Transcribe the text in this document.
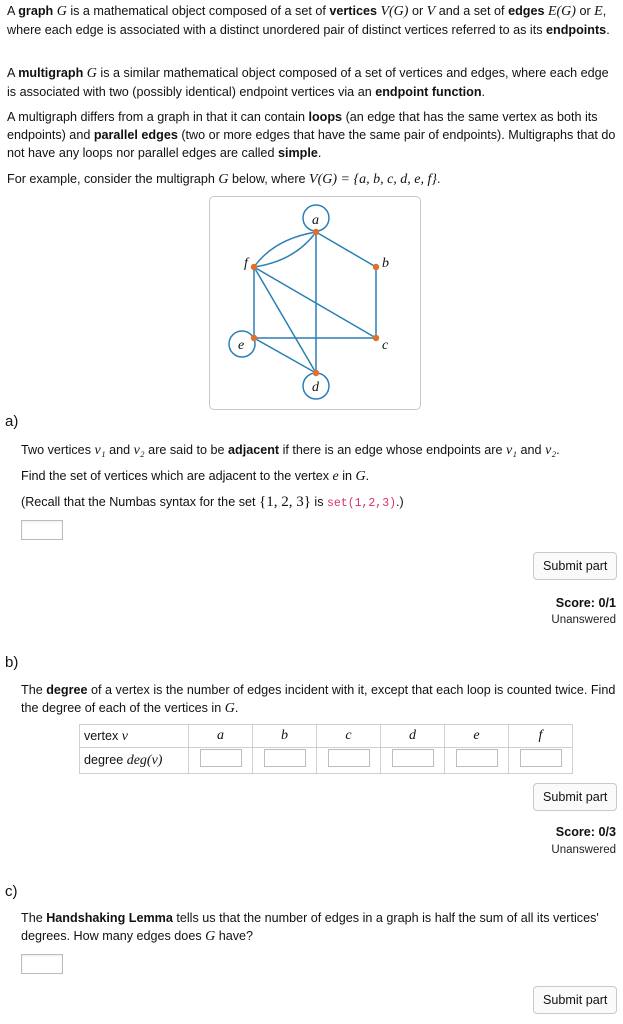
A graph G is a mathematical object composed of a set of vertices V(G) or V and a set of edges E(G) or E, where each edge is associated with a distinct unordered pair of distinct vertices referred to as its endpoints.

A multigraph G is a similar mathematical object composed of a set of vertices and edges, where each edge is associated with two (possibly identical) endpoint vertices via an endpoint function.

A multigraph differs from a graph in that it can contain loops (an edge that has the same vertex as both its endpoints) and parallel edges (two or more edges that have the same pair of endpoints). Multigraphs that do not have any loops nor parallel edges are called simple.

For example, consider the multigraph G below, where V(G) = {a, b, c, d, e, f}.

a
b
c
d
e
f
a)

Two vertices v₁ and v₂ are said to be adjacent if there is an edge whose endpoints are v₁ and v₂.

Find the set of vertices which are adjacent to the vertex e in G.

(Recall that the Numbas syntax for the set {1, 2, 3} is set(1,2,3).)

Submit part
Score: 0/1
Unanswered
b)

The degree of a vertex is the number of edges incident with it, except that each loop is counted twice. Find the degree of each of the vertices in G.

vertex v	a	b	c	d	e	f
degree deg(v)						
Submit part
Score: 0/3
Unanswered
c)

The Handshaking Lemma tells us that the number of edges in a graph is half the sum of all its vertices' degrees. How many edges does G have?

Submit part
